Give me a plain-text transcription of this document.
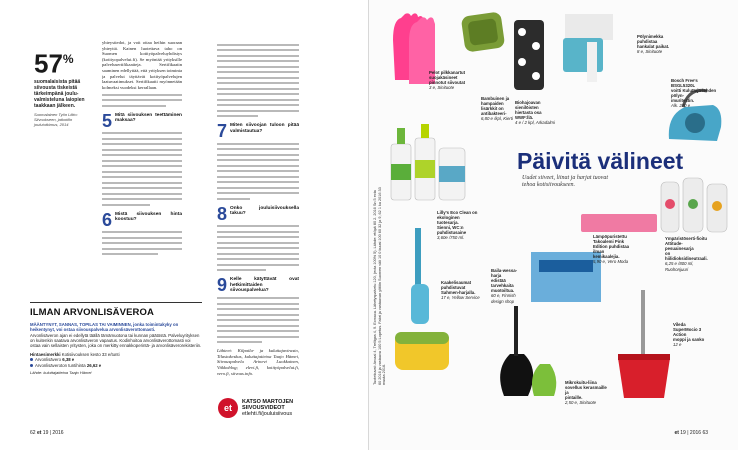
57%
suomalaisista pitää siivousta tiskeistä tärkeimpänä joulu-valmisteluna laiopien taakkaan jälkeen.
Suomalainen Työn Liitto: Siivoukseen, jatkotilin joulututkimus, 2014
yhteystiedot, ja voit ottaa heihin suoraan yhteyttä. Kainen luotettava taho on Suomen kotityöpalveluyhdistys (kotityopalvelut.fi). Se myöntää yrityksille palvelusertifikaatteja. Sertifikaatin saaminen edellyttää, että yrityksen toiminta ja palvelut täyttävät kotityöpalvelujen laatuvaatimukset. Sertifikaatti myönnetään kolmeksi vuodeksi kerrallaan.
5 Mitä siivouksen teettäminen maksaa?
6 Mistä siivouksen hinta koostuu?
7 Miten siivoojan tuloon pitää valmistautua?
8 Onko jouluisiivouksella takuu?
9 Kelle kätyttävät ovat hetkimittaiden siivouspalvelua?
Lähteet: Kilpailu- ja kuluttajavirasto, Tilastokeskus, kuluttajatietoa Taajo Hämei, Siivouspalvelu Arinevi Luokkainen, Viikkoblog; elevi.fi, kotityöpalvelut.fi, vero.fi, siivous.info.
ILMAN ARVONLISÄVEROA
MÄÄNTYNYT, SANNAS, TOPILAS TAI VAIMINNEN, jonka toimintakyky on heikentynyt, voi ostaa siivouspalvelua arvonlisäverottomasti.
Arvonlisäveron ajan ei edellytä täällä tämämuotona tai kunnan päätöstä. Palveluyrityksen on kuitenkin saatava arvonlisäveron vapautus. Kodinhoitoa arvonlisäverottomasti voi ostaa vain sellaisten yritysten, joka on merkitty ennakkoperintä- ja arvonlisäverorekisteriin.
Hintaesimerkki Kotisiivouksen kesto 33 e/tunti
Arvonlisävero 6,38 e
Arvonlisäveroton tuntihinta 26,62 e
Lähde: kuluttajatietoa Taajo Hämei
et
KATSO MARTOJEN
SIIVOUSVIDEOT
etlehti.fi/jouluisiivous
62 et 19 | 2016
Päivitä välineet
Uudet siiveet, liinat ja harjat tuovat tehoa kotisiivoukseen.
Tuotekuvat: Arcaal 4, Trelligas 4, 9. Ecmaxa. Lähetyspalvelu 120, (ecta 100% 5). Lähde: etöpä 80 2. 2016 Sn 5 ecta 60 2016 ja vastaava 100 5 Lopetus. Fabri ja vastaavan ylitöin Suomen väli 10 0 kuusi 100 60 32 ja 9, 62 1 ku 2016 33 muuta 2016.
Pelot pilkkanartut suojakäsineet
pinnotut siivoutat
3 e, Sinituote
Bambuinen ja hampaiden
lisärkkit on antibakteeri-
6,80 e /kpl, Kierti
Biohajoavan
sienilöisten hiertasta osa
WWF:llä.
4 e / 2 kpl, Arkadalmi
Pölynimekka puhdistaa
hankalat paikat.
8 e, Sinituote
Bosch Free's BSGL5320L
voitti Kuluttaja-lehden pölyn-
imuritestin.
Alk. 270 e
Lilly's Eco Clean on
ekologinen tuotesarja.
Sienni, WC:n puhdistusaine
3,60e /750 ml.	Lämpöpuristettu Takoalemi Pink
Edition puhdistaa ilman
kemikaalejia.
5,90 e, Vero Moda
Ympäristöserti-fioitu
Attitude-pesuainesarja
on hiilidioksidineutraali.
6,25 e /800 ml, Ruohonjuuri
Kaakelisaumat puhdistuvat
Sahmen-harjalla.
17 e, Yellow Service
Baila-wessa-harja
edistää tarvehkaita
muotoiltua.
60 e, Finnish design shop
Mikrokuitu-liina
sovellus kerasmaille ja
pintaille.
2,50 e, Sinituote
Vileda SuperMocio 3 Action
moppi ja sanko
12 e
et 19 | 2016 63
